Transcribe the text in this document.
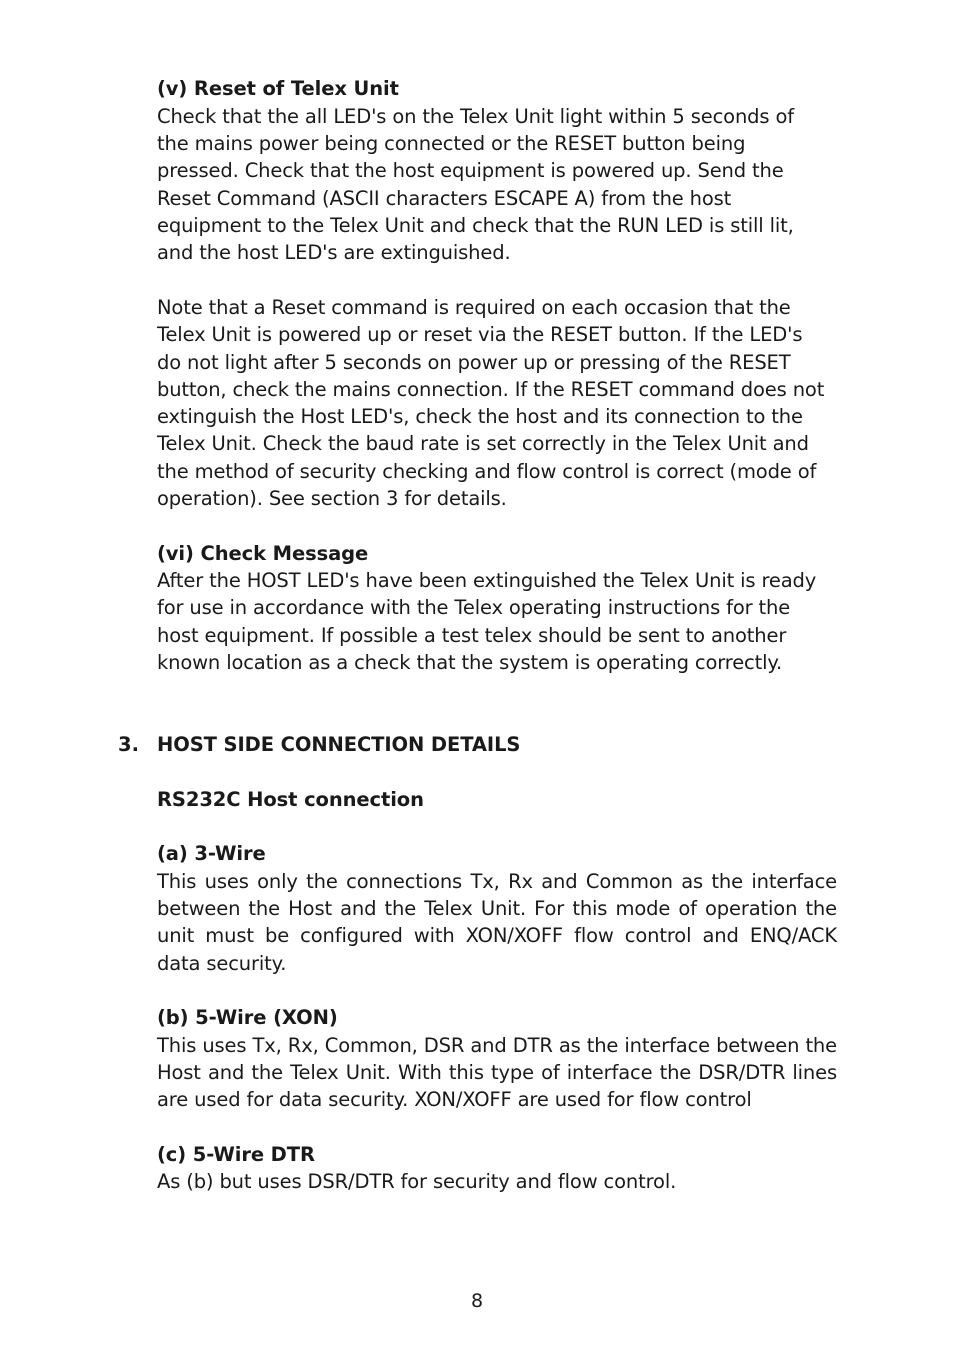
(v) Reset of Telex Unit
Check that the all LED's on the Telex Unit light within 5 seconds of
the mains power being connected or the RESET button being
pressed. Check that the host equipment is powered up. Send the
Reset Command (ASCII characters ESCAPE A) from the host
equipment to the Telex Unit and check that the RUN LED is still lit,
and the host LED's are extinguished.
Note that a Reset command is required on each occasion that the
Telex Unit is powered up or reset via the RESET button. If the LED's
do not light after 5 seconds on power up or pressing of the RESET
button, check the mains connection. If the RESET command does not
extinguish the Host LED's, check the host and its connection to the
Telex Unit. Check the baud rate is set correctly in the Telex Unit and
the method of security checking and flow control is correct (mode of
operation). See section 3 for details.
(vi) Check Message
After the HOST LED's have been extinguished the Telex Unit is ready
for use in accordance with the Telex operating instructions for the
host equipment. If possible a test telex should be sent to another
known location as a check that the system is operating correctly.
3. HOST SIDE CONNECTION DETAILS
RS232C Host connection
(a) 3-Wire
This uses only the connections Tx, Rx and Common as the interface
between the Host and the Telex Unit. For this mode of operation the
unit must be configured with XON/XOFF flow control and ENQ/ACK
data security.
(b) 5-Wire (XON)
This uses Tx, Rx, Common, DSR and DTR as the interface between the
Host and the Telex Unit. With this type of interface the DSR/DTR lines
are used for data security. XON/XOFF are used for flow control
(c) 5-Wire DTR
As (b) but uses DSR/DTR for security and flow control.
8
